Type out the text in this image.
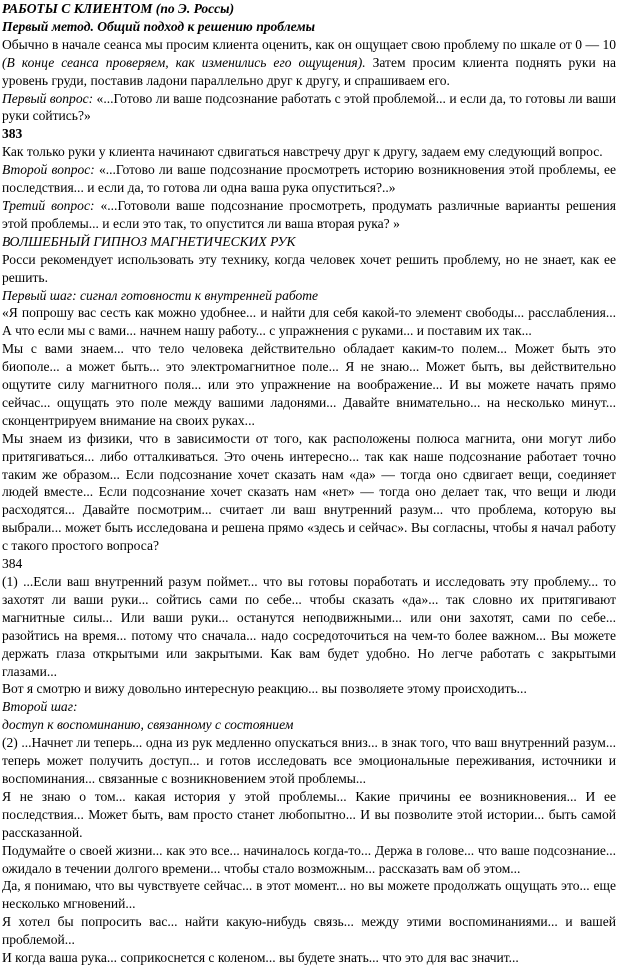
РАБОТЫ С КЛИЕНТОМ (по Э. Россы)

Первый метод. Общий подход к решению проблемы

Обычно в начале сеанса мы просим клиента оценить, как он ощущает свою проблему по шкале от 0 — 10 (В конце сеанса проверяем, как изменились его ощущения). Затем просим клиента поднять руки на уровень груди, поставив ладони параллельно друг к другу, и спрашиваем его.

Первый вопрос: «...Готово ли ваше подсознание работать с этой проблемой... и если да, то готовы ли ваши руки сойтись?»

383

Как только руки у клиента начинают сдвигаться навстречу друг к другу, задаем ему следующий вопрос.

Второй вопрос: «...Готово ли ваше подсознание просмотреть историю возникновения этой проблемы, ее последствия... и если да, то готова ли одна ваша рука опуститься?..»

Третий вопрос: «...Готоволи ваше подсознание просмотреть, продумать различные варианты решения этой проблемы... и если это так, то опустится ли ваша вторая рука? »

ВОЛШЕБНЫЙ ГИПНОЗ МАГНЕТИЧЕСКИХ РУК

Росси рекомендует использовать эту технику, когда человек хочет решить проблему, но не знает, как ее решить.

Первый шаг: сигнал готовности к внутренней работе

«Я попрошу вас сесть как можно удобнее... и найти для себя какой-то элемент свободы... расслабления... А что если мы с вами... начнем нашу работу... с упражнения с руками... и поставим их так...

Мы с вами знаем... что тело человека действительно обладает каким-то полем... Может быть это биополе... а может быть... это электромагнитное поле... Я не знаю... Может быть, вы действительно ощутите силу магнитного поля... или это упражнение на воображение... И вы можете начать прямо сейчас... ощущать это поле между вашими ладонями... Давайте внимательно... на несколько минут... сконцентрируем внимание на своих руках...

Мы знаем из физики, что в зависимости от того, как расположены полюса магнита, они могут либо притягиваться... либо отталкиваться. Это очень интересно... так как наше подсознание работает точно таким же образом... Если подсознание хочет сказать нам «да» — тогда оно сдвигает вещи, соединяет людей вместе... Если подсознание хочет сказать нам «нет» — тогда оно делает так, что вещи и люди расходятся... Давайте посмотрим... считает ли ваш внутренний разум... что проблема, которую вы выбрали... может быть исследована и решена прямо «здесь и сейчас». Вы согласны, чтобы я начал работу с такого простого вопроса?

384

(1) ...Если ваш внутренний разум поймет... что вы готовы поработать и исследовать эту проблему... то захотят ли ваши руки... сойтись сами по себе... чтобы сказать «да»... так словно их притягивают магнитные силы... Или ваши руки... останутся неподвижными... или они захотят, сами по себе... разойтись на время... потому что сначала... надо сосредоточиться на чем-то более важном... Вы можете держать глаза открытыми или закрытыми. Как вам будет удобно. Но легче работать с закрытыми глазами...

Вот я смотрю и вижу довольно интересную реакцию... вы позволяете этому происходить...

Второй шаг:

доступ к воспоминанию, связанному с состоянием

(2) ...Начнет ли теперь... одна из рук медленно опускаться вниз... в знак того, что ваш внутренний разум... теперь может получить доступ... и готов исследовать все эмоциональные переживания, источники и воспоминания... связанные с возникновением этой проблемы...

Я не знаю о том... какая история у этой проблемы... Какие причины ее возникновения... И ее последствия... Может быть, вам просто станет любопытно... И вы позволите этой истории... быть самой рассказанной.

Подумайте о своей жизни... как это все... начиналось когда-то... Держа в голове... что ваше подсознание... ожидало в течении долгого времени... чтобы стало возможным... рассказать вам об этом...

Да, я понимаю, что вы чувствуете сейчас... в этот момент... но вы можете продолжать ощущать это... еще несколько мгновений...

Я хотел бы попросить вас... найти какую-нибудь связь... между этими воспоминаниями... и вашей проблемой...

И когда ваша рука... соприкоснется с коленом... вы будете знать... что это для вас значит...
